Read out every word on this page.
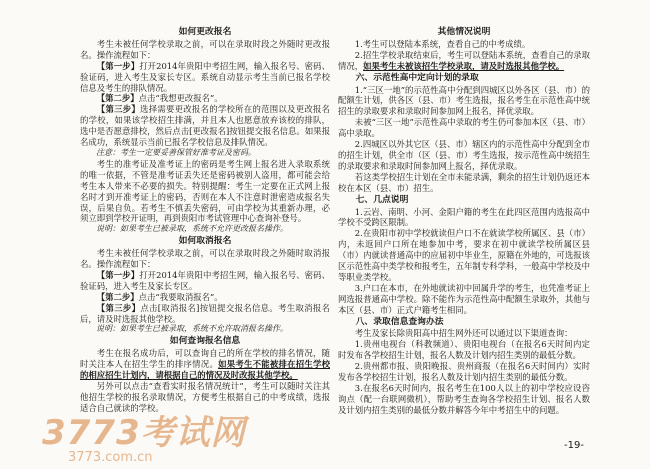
如何更改报名

考生未被任何学校录取之前，可以在录取时段之外随时更改报名。操作流程如下：

【第一步】打开2014年贵阳中考招生网，输入报名号、密码、验证码，进入考生及家长专区。系统自动显示考生当前已报名学校信息及考生的排队情况。

【第二步】点击“我想更改报名”。

【第三步】选择需要更改报名的学校所在的范围以及更改报名的学校，如果该学校招生排满，并且本人也愿意放弃该校的排队，选中是否愿意排校，然后点击[更改报名]按钮提交报名信息。如果报名成功，系统显示当前已报名学校信息及排队情况。

注意：考生一定要妥善保管好准考证及密码。

考生的准考证及准考证上的密码是考生网上报名进入录取系统的唯一依据，不管是准考证丢失还是密码被别人盗用，都可能会给考生本人带来不必要的损失。特别提醒：考生一定要在正式网上报名时才到开准考证上的密码，否则在本人不注意时泄密造成报名失误，后果自负。若考生不慎丢失密码，可由学校为其重新办理，必须立即到学校开证明，再到贵阳市考试管理中心查询补登号。

说明：如果考生已被录取，系统不允许更改报名操作。

如何取消报名

考生未被任何学校录取之前，可以在录取时段之外随时取消报名。操作流程如下：

【第一步】打开2014年贵阳中考招生网，输入报名号、密码、验证码，进入考生及家长专区。

【第二步】点击“我要取消报名”。

【第三步】点击[取消报名]按钮提交报名信息。考生取消报名后，请及时选报其他学校。

说明：如果考生已被录取，系统不允许取消报名操作。

如何查询报名信息

考生在报名成功后，可以查询自己的所在学校的排名情况，随时关注本人在招生学生的排序情况。如果考生不能被排在招生学校的相应招生计划内，请根据自己的情况及时改报其他学校。

另外可以点击“查看实时报名情况统计”，考生可以随时关注其他招生学校的报名录取情况，方便考生根据自己的中考成绩，选报适合自己就读的学校。

其他情况说明

1.考生可以登陆本系统，查看自己的中考成绩。

2.招生学校录取结束后，考生可以登陆本系统，查看自己的录取情况，如果考生未被该招生学校录取，请及时选报其他学校。

六、示范性高中定向计划的录取

1.“三区一地”的示范性高中分配到四城区以外各区（县、市）的配额生计划，供各区（县、市）考生选报，报名考生在示范性高中统招生的录取要求和录取时间参加网上报名，择优录取。

未被“三区一地”示范性高中录取的考生仍可参加本区（县、市）高中录取。

2.四城区以外其它区（县、市）辖区内的示范性高中分配到全市的招生计划，供全市（区（县、市）考生选报，按示范性高中统招生的录取要求和录取时间参加网上报名，择优录取。

若这类学校招生计划在全市未能录满，剩余的招生计划仍返还本校在本区（县、市）招生。

七、几点说明

1.云岩、南明、小河、金阳户籍的考生在此四区范围内选报高中学校不受跨区限制。

2.在贵阳市初中学校就读但户口不在就读学校所属区、县（市）内，未返回户口所在地参加中考，要求在初中就读学校所属区县（市）内就读普通高中的应届初中毕业生，原籍在外地的，可选报该区示范性高中类学校和报考生，五年制专科学科，一般高中学校及中等职业类学校。

3.户口在本市，在外地就读初中回属升学的考生，也凭准考证上网选报普通高中学校。除不能作为示范性高中配额生录取外，其他与本区（县、市）正式户籍考生相同。

八、录取信息查询办法

考生及家长除贵阳高中招生网外还可以通过以下渠道查询：

1.贵州电视台（科教频道）、贵阳电视台（在报名6天时间内定时发布各学校招生计划，报名人数及计划内招生类别的最低分数。

2.贵州都市报、贵阳晚报、贵州商报（在报名6天时间内）实时发布各学校招生计划，报名人数及计划内招生类别的最低分数。

3.在报名6天时间内，报名考生在100人以上的初中学校应设咨询点（配一台联网微机），帮助考生查询各学校招生计划、报名人数及计划内招生类别的最低分数并解答今年中考招生中的问题。

-19-
3773考试网
3773.com.cn
